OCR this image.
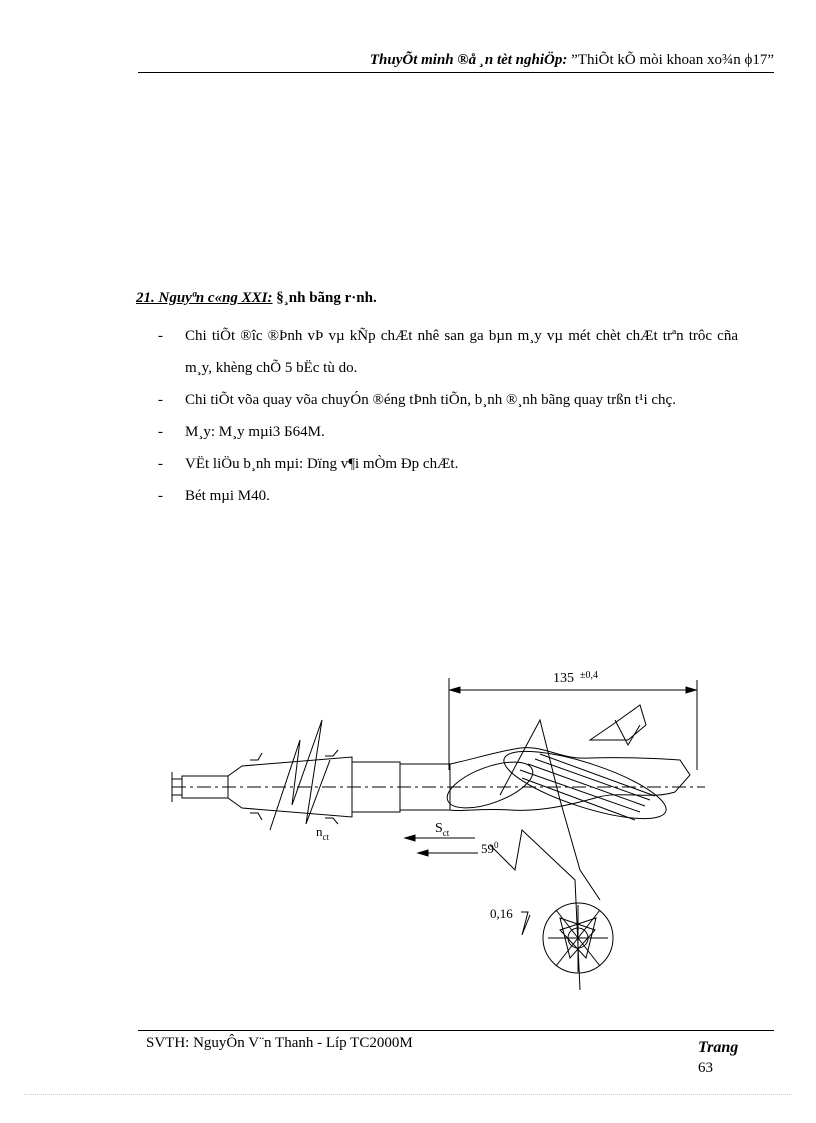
ThuyÕt minh ®å ¸n tèt nghiÖp: ”ThiÕt kÕ mòi khoan xo¾n ϕ17”
21. Nguyªn c«ng XXI: §¸nh bãng r·nh.
- Chi tiÕt ®îc ®Þnh vÞ vµ kÑp chÆt nhê san ga bµn m¸y vµ mét chèt chÆt trªn trôc cña m¸y, khèng chÕ 5 bËc tù do.
- Chi tiÕt võa quay võa chuyÓn ®éng tÞnh tiÕn, b¸nh ®¸nh bãng quay trßn t¹i chç.
- M¸y: M¸y mµi3 Б64M.
- VËt liÖu b¸nh mµi: Dïng v¶i mÒm Ðp chÆt.
- Bét mµi M40.
135 ±0,4
$n_{ct}$
$S_{ct}$
$59^0$
0,16
SVTH: NguyÔn V¨n Thanh - Líp TC2000M	Trang
63
